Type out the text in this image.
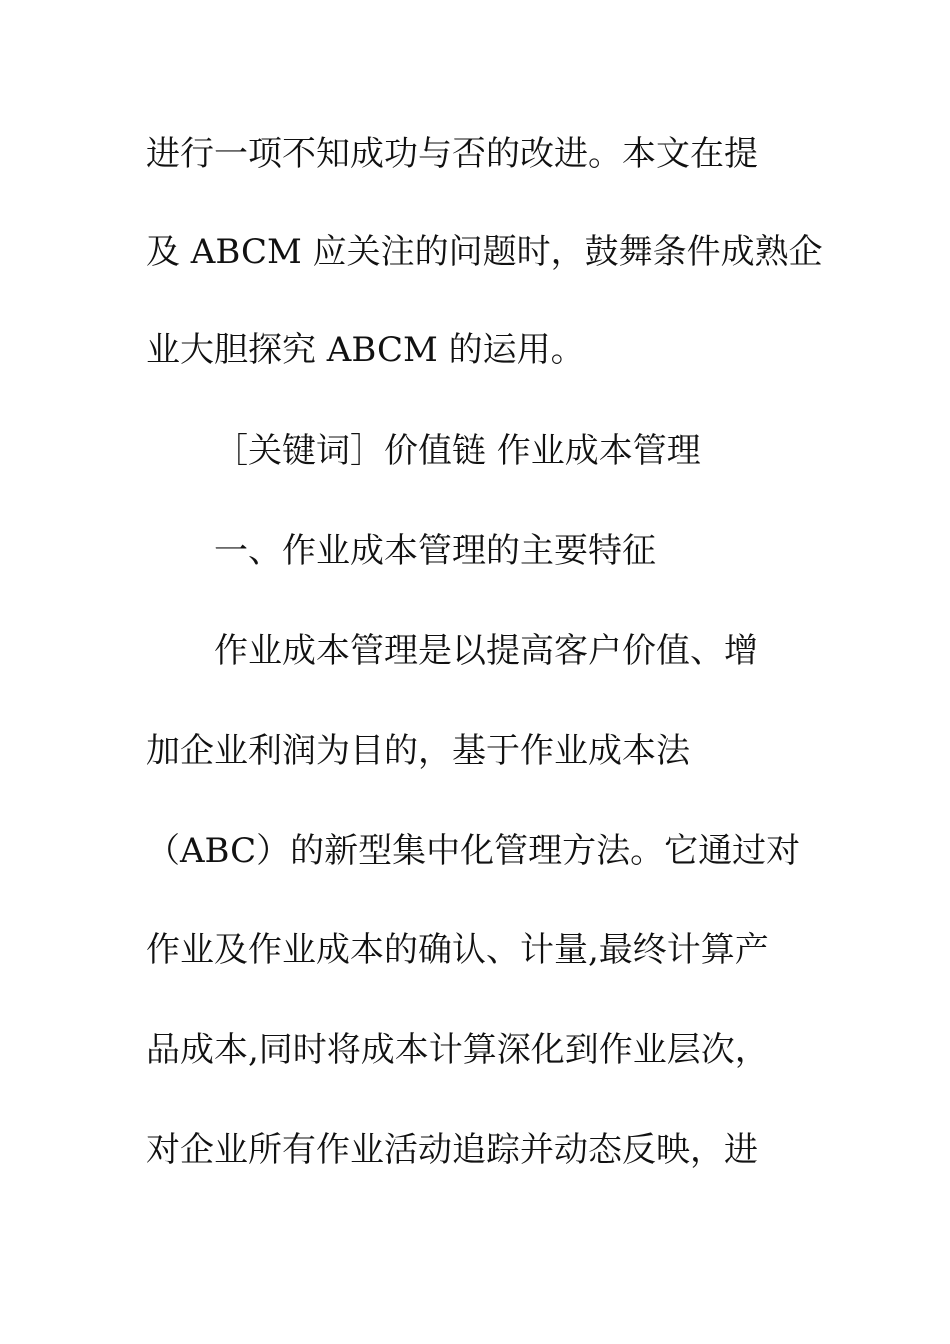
进行一项不知成功与否的改进。本文在提
及 ABCM 应关注的问题时，鼓舞条件成熟企
业大胆探究 ABCM 的运用。
［关键词］价值链 作业成本管理
一、作业成本管理的主要特征
作业成本管理是以提高客户价值、增
加企业利润为目的，基于作业成本法
（ABC）的新型集中化管理方法。它通过对
作业及作业成本的确认、计量,最终计算产
品成本,同时将成本计算深化到作业层次，
对企业所有作业活动追踪并动态反映，进
